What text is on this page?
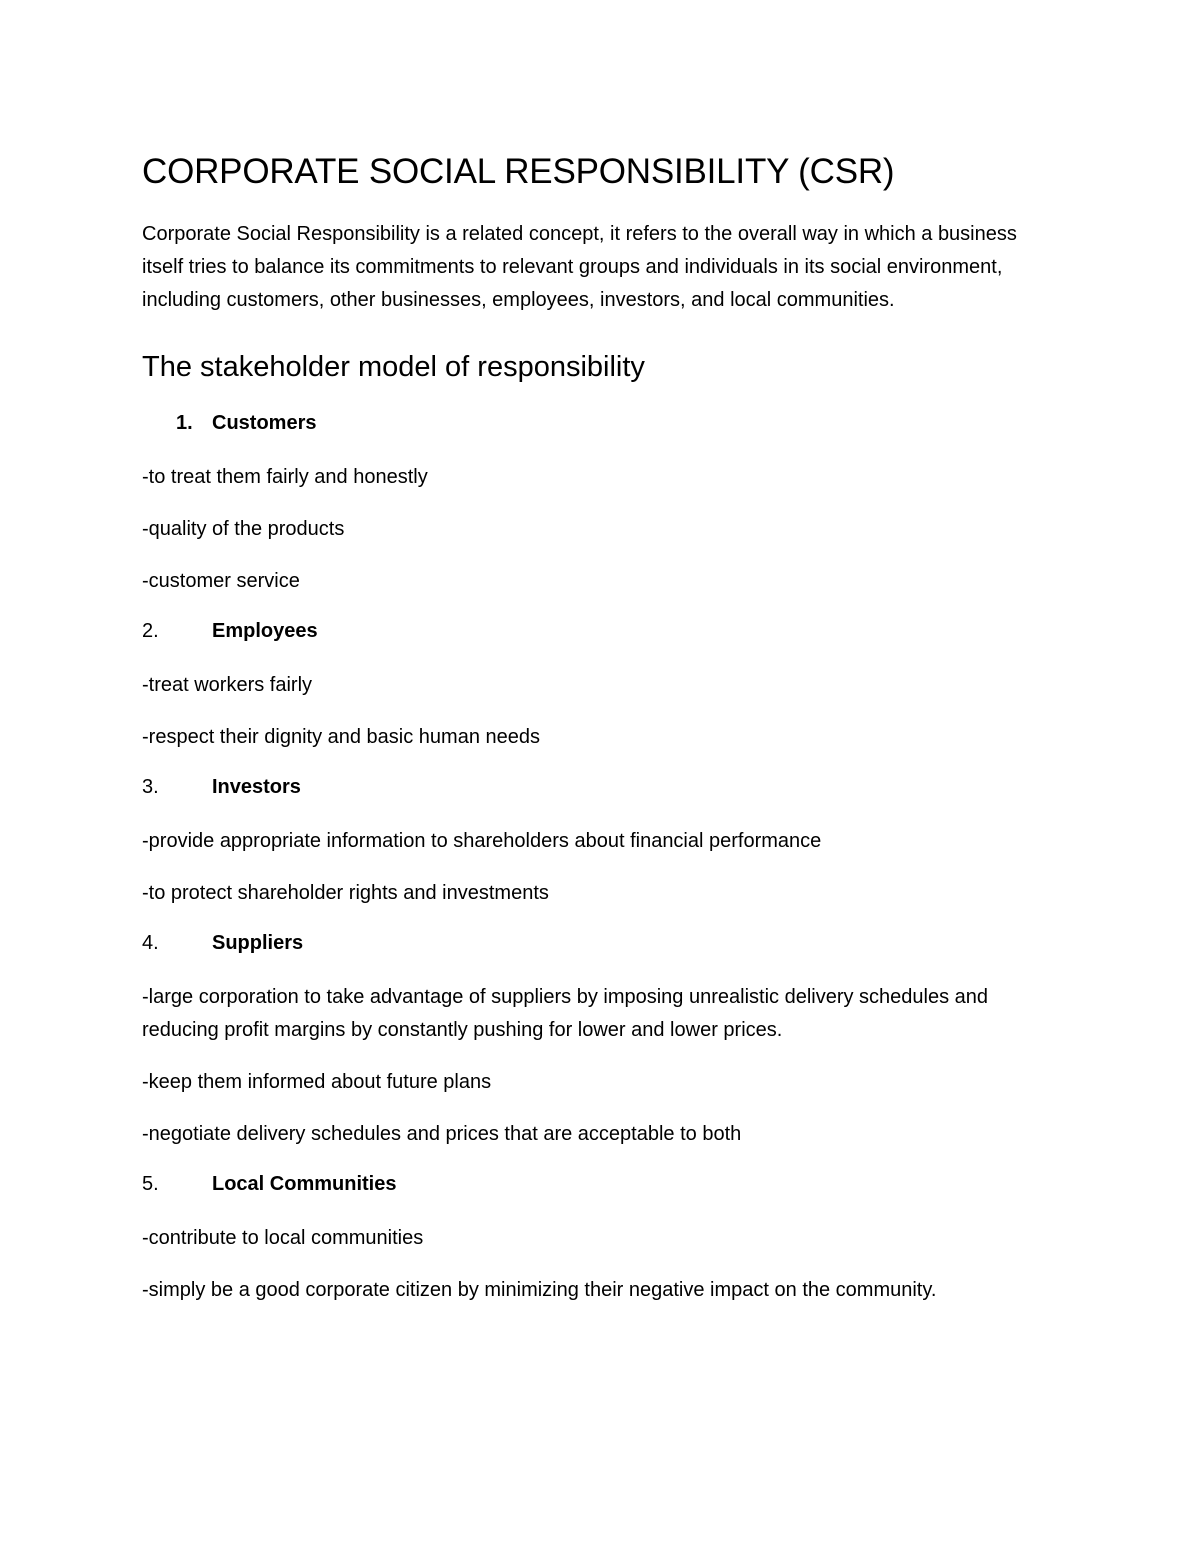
CORPORATE SOCIAL RESPONSIBILITY (CSR)

Corporate Social Responsibility is a related concept, it refers to the overall way in which a business itself tries to balance its commitments to relevant groups and individuals in its social environment, including customers, other businesses, employees, investors, and local communities.

The stakeholder model of responsibility
1. Customers

-to treat them fairly and honestly

-quality of the products

-customer service

2.	Employees

-treat workers fairly

-respect their dignity and basic human needs

3.	Investors

-provide appropriate information to shareholders about financial performance

-to protect shareholder rights and investments

4.	Suppliers

-large corporation to take advantage of suppliers by imposing unrealistic delivery schedules and reducing profit margins by constantly pushing for lower and lower prices.

-keep them informed about future plans

-negotiate delivery schedules and prices that are acceptable to both

5.	Local Communities

-contribute to local communities

-simply be a good corporate citizen by minimizing their negative impact on the community.
